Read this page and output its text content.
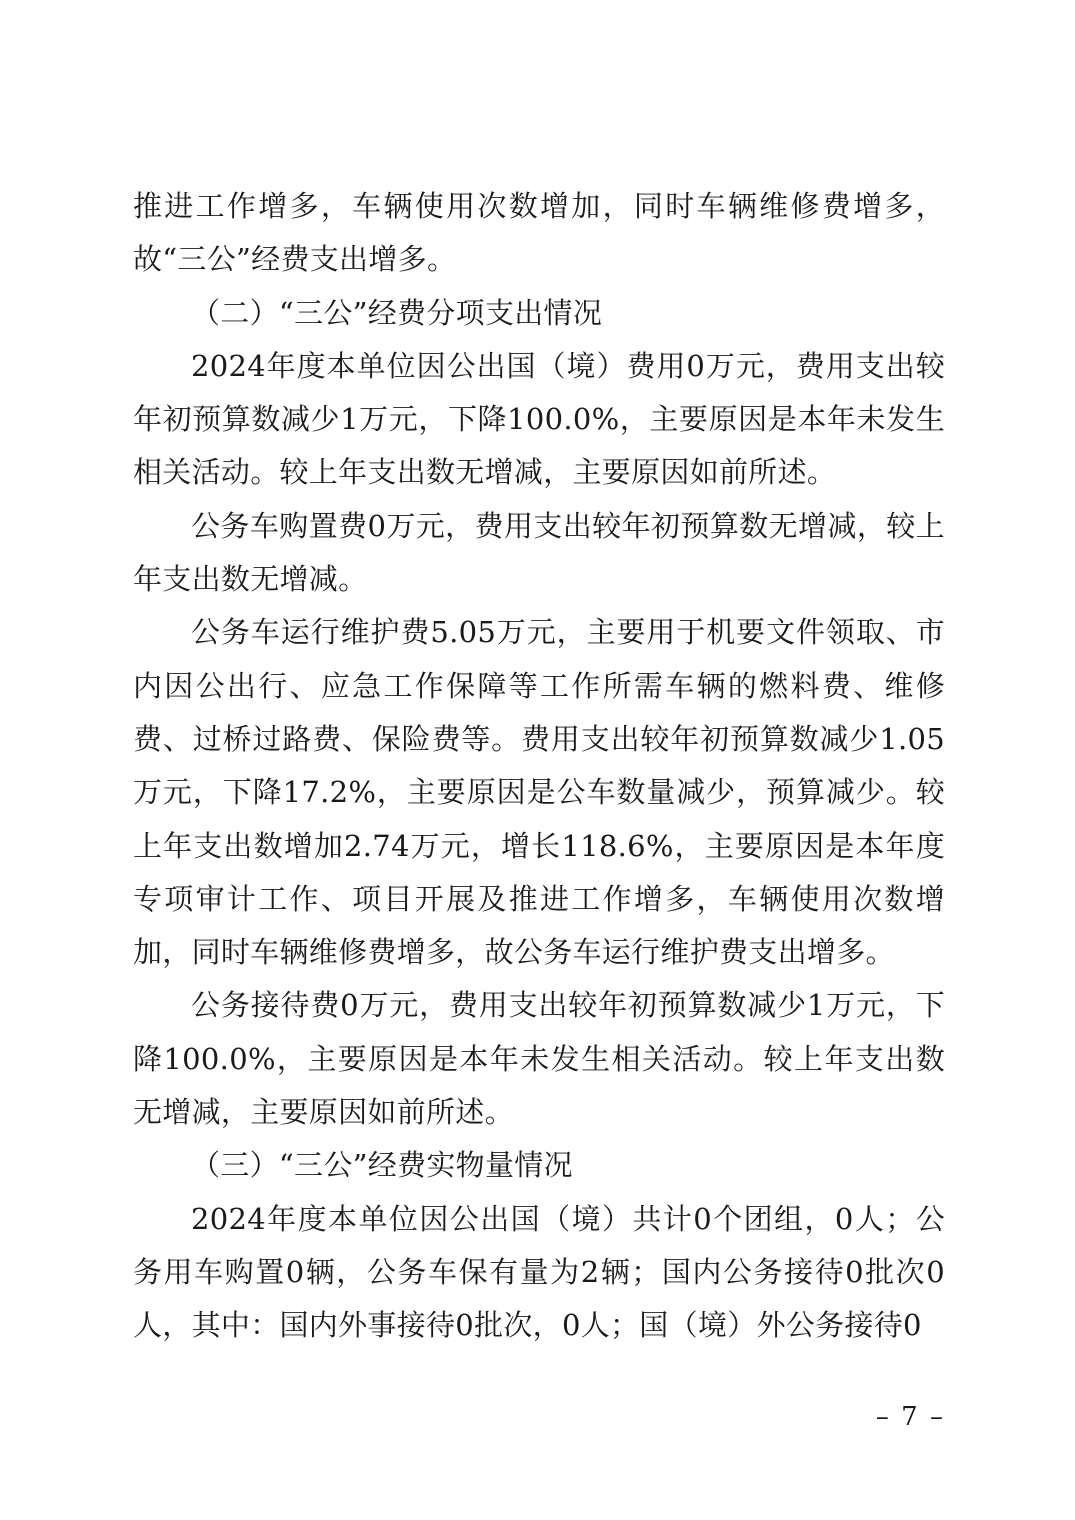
推进工作增多，车辆使用次数增加，同时车辆维修费增多，故“三公”经费支出增多。

（二）“三公”经费分项支出情况

2024年度本单位因公出国（境）费用0万元，费用支出较年初预算数减少1万元，下降100.0%，主要原因是本年未发生相关活动。较上年支出数无增减，主要原因如前所述。

公务车购置费0万元，费用支出较年初预算数无增减，较上年支出数无增减。

公务车运行维护费5.05万元，主要用于机要文件领取、市内因公出行、应急工作保障等工作所需车辆的燃料费、维修费、过桥过路费、保险费等。费用支出较年初预算数减少1.05万元，下降17.2%，主要原因是公车数量减少，预算减少。较上年支出数增加2.74万元，增长118.6%，主要原因是本年度专项审计工作、项目开展及推进工作增多，车辆使用次数增加，同时车辆维修费增多，故公务车运行维护费支出增多。

公务接待费0万元，费用支出较年初预算数减少1万元，下降100.0%，主要原因是本年未发生相关活动。较上年支出数无增减，主要原因如前所述。

（三）“三公”经费实物量情况

2024年度本单位因公出国（境）共计0个团组，0人；公务用车购置0辆，公务车保有量为2辆；国内公务接待0批次0人，其中：国内外事接待0批次，0人；国（境）外公务接待0

– 7 –
